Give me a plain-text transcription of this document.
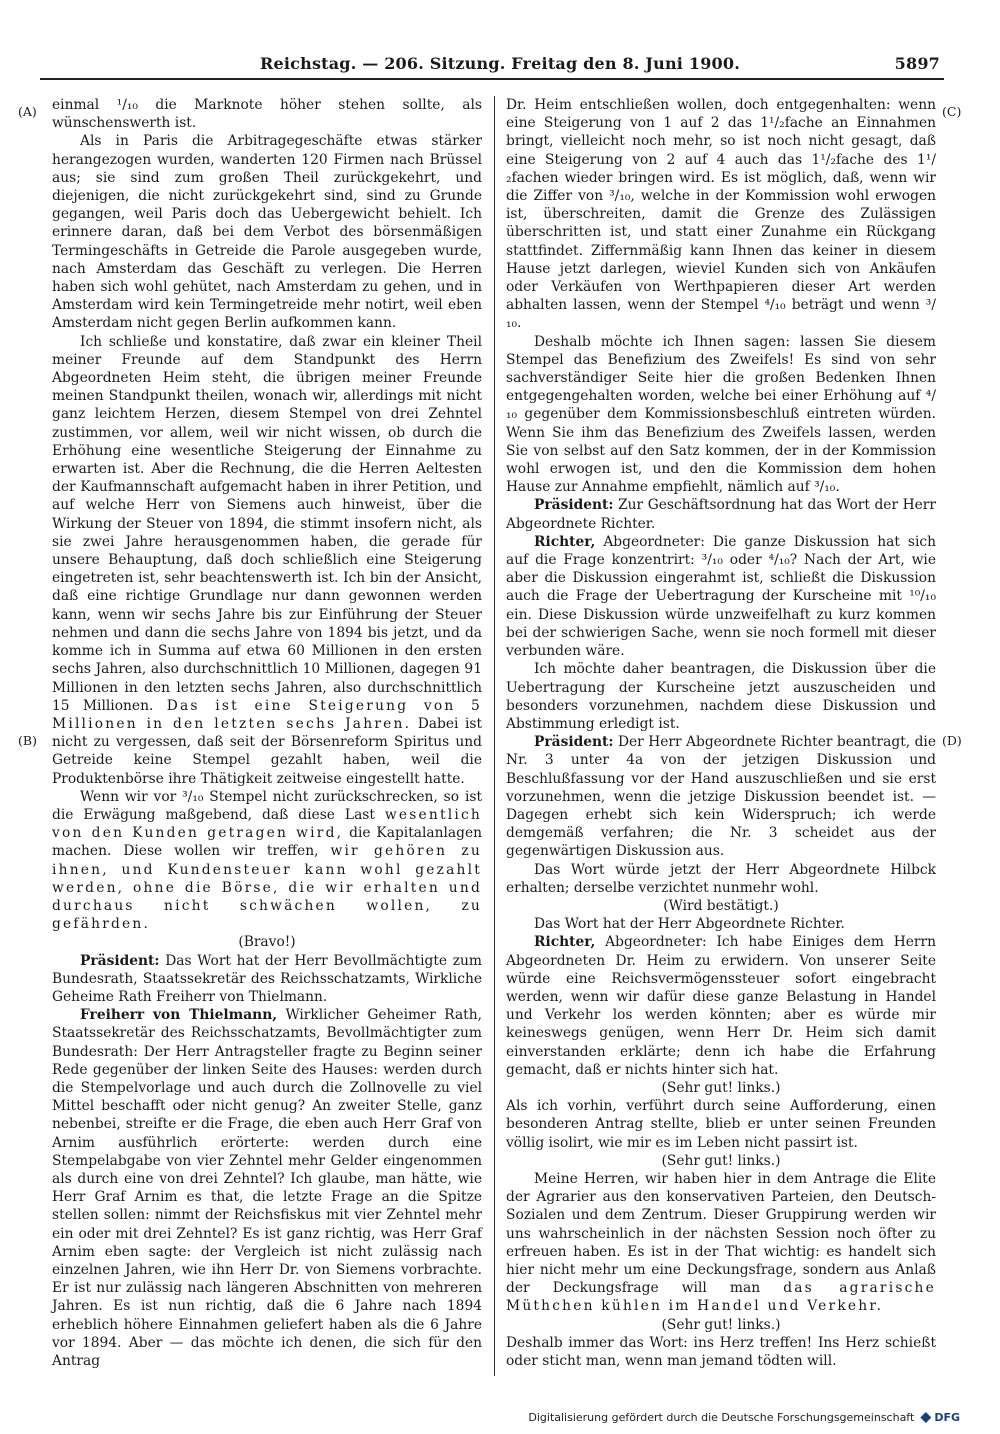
Reichstag. — 206. Sitzung. Freitag den 8. Juni 1900.	5897
(A)
(B)
(C)
(D)

einmal ¹/₁₀ die Marknote höher stehen sollte, als wünschenswerth ist.

Als in Paris die Arbitragegeschäfte etwas stärker herangezogen wurden, wanderten 120 Firmen nach Brüssel aus; sie sind zum großen Theil zurückgekehrt, und diejenigen, die nicht zurückgekehrt sind, sind zu Grunde gegangen, weil Paris doch das Uebergewicht behielt. Ich erinnere daran, daß bei dem Verbot des börsenmäßigen Termingeschäfts in Getreide die Parole ausgegeben wurde, nach Amsterdam das Geschäft zu verlegen. Die Herren haben sich wohl gehütet, nach Amsterdam zu gehen, und in Amsterdam wird kein Termingetreide mehr notirt, weil eben Amsterdam nicht gegen Berlin aufkommen kann.

Ich schließe und konstatire, daß zwar ein kleiner Theil meiner Freunde auf dem Standpunkt des Herrn Abgeordneten Heim steht, die übrigen meiner Freunde meinen Standpunkt theilen, wonach wir, allerdings mit nicht ganz leichtem Herzen, diesem Stempel von drei Zehntel zustimmen, vor allem, weil wir nicht wissen, ob durch die Erhöhung eine wesentliche Steigerung der Einnahme zu erwarten ist. Aber die Rechnung, die die Herren Aeltesten der Kaufmannschaft aufgemacht haben in ihrer Petition, und auf welche Herr von Siemens auch hinweist, über die Wirkung der Steuer von 1894, die stimmt insofern nicht, als sie zwei Jahre herausgenommen haben, die gerade für unsere Behauptung, daß doch schließlich eine Steigerung eingetreten ist, sehr beachtenswerth ist. Ich bin der Ansicht, daß eine richtige Grundlage nur dann gewonnen werden kann, wenn wir sechs Jahre bis zur Einführung der Steuer nehmen und dann die sechs Jahre von 1894 bis jetzt, und da komme ich in Summa auf etwa 60 Millionen in den ersten sechs Jahren, also durchschnittlich 10 Millionen, dagegen 91 Millionen in den letzten sechs Jahren, also durchschnittlich 15 Millionen. Das ist eine Steigerung von 5 Millionen in den letzten sechs Jahren. Dabei ist nicht zu vergessen, daß seit der Börsenreform Spiritus und Getreide keine Stempel gezahlt haben, weil die Produktenbörse ihre Thätigkeit zeitweise eingestellt hatte.

Wenn wir vor ³/₁₀ Stempel nicht zurückschrecken, so ist die Erwägung maßgebend, daß diese Last wesentlich von den Kunden getragen wird, die Kapitalanlagen machen. Diese wollen wir treffen, wir gehören zu ihnen, und Kundensteuer kann wohl gezahlt werden, ohne die Börse, die wir erhalten und durchaus nicht schwächen wollen, zu gefährden.

(Bravo!)

Präsident: Das Wort hat der Herr Bevollmächtigte zum Bundesrath, Staatssekretär des Reichsschatzamts, Wirkliche Geheime Rath Freiherr von Thielmann.

Freiherr von Thielmann, Wirklicher Geheimer Rath, Staatssekretär des Reichsschatzamts, Bevollmächtigter zum Bundesrath: Der Herr Antragsteller fragte zu Beginn seiner Rede gegenüber der linken Seite des Hauses: werden durch die Stempelvorlage und auch durch die Zollnovelle zu viel Mittel beschafft oder nicht genug? An zweiter Stelle, ganz nebenbei, streifte er die Frage, die eben auch Herr Graf von Arnim ausführlich erörterte: werden durch eine Stempelabgabe von vier Zehntel mehr Gelder eingenommen als durch eine von drei Zehntel? Ich glaube, man hätte, wie Herr Graf Arnim es that, die letzte Frage an die Spitze stellen sollen: nimmt der Reichsfiskus mit vier Zehntel mehr ein oder mit drei Zehntel? Es ist ganz richtig, was Herr Graf Arnim eben sagte: der Vergleich ist nicht zulässig nach einzelnen Jahren, wie ihn Herr Dr. von Siemens vorbrachte. Er ist nur zulässig nach längeren Abschnitten von mehreren Jahren. Es ist nun richtig, daß die 6 Jahre nach 1894 erheblich höhere Einnahmen geliefert haben als die 6 Jahre vor 1894. Aber — das möchte ich denen, die sich für den Antrag

Dr. Heim entschließen wollen, doch entgegenhalten: wenn eine Steigerung von 1 auf 2 das 1¹/₂fache an Einnahmen bringt, vielleicht noch mehr, so ist noch nicht gesagt, daß eine Steigerung von 2 auf 4 auch das 1¹/₂fache des 1¹/₂fachen wieder bringen wird. Es ist möglich, daß, wenn wir die Ziffer von ³/₁₀, welche in der Kommission wohl erwogen ist, überschreiten, damit die Grenze des Zulässigen überschritten ist, und statt einer Zunahme ein Rückgang stattfindet. Ziffernmäßig kann Ihnen das keiner in diesem Hause jetzt darlegen, wieviel Kunden sich von Ankäufen oder Verkäufen von Werthpapieren dieser Art werden abhalten lassen, wenn der Stempel ⁴/₁₀ beträgt und wenn ³/₁₀.

Deshalb möchte ich Ihnen sagen: lassen Sie diesem Stempel das Benefizium des Zweifels! Es sind von sehr sachverständiger Seite hier die großen Bedenken Ihnen entgegengehalten worden, welche bei einer Erhöhung auf ⁴/₁₀ gegenüber dem Kommissionsbeschluß eintreten würden. Wenn Sie ihm das Benefizium des Zweifels lassen, werden Sie von selbst auf den Satz kommen, der in der Kommission wohl erwogen ist, und den die Kommission dem hohen Hause zur Annahme empfiehlt, nämlich auf ³/₁₀.

Präsident: Zur Geschäftsordnung hat das Wort der Herr Abgeordnete Richter.

Richter, Abgeordneter: Die ganze Diskussion hat sich auf die Frage konzentrirt: ³/₁₀ oder ⁴/₁₀? Nach der Art, wie aber die Diskussion eingerahmt ist, schließt die Diskussion auch die Frage der Uebertragung der Kurscheine mit ¹⁰/₁₀ ein. Diese Diskussion würde unzweifelhaft zu kurz kommen bei der schwierigen Sache, wenn sie noch formell mit dieser verbunden wäre.

Ich möchte daher beantragen, die Diskussion über die Uebertragung der Kurscheine jetzt auszuscheiden und besonders vorzunehmen, nachdem diese Diskussion und Abstimmung erledigt ist.

Präsident: Der Herr Abgeordnete Richter beantragt, die Nr. 3 unter 4a von der jetzigen Diskussion und Beschlußfassung vor der Hand auszuschließen und sie erst vorzunehmen, wenn die jetzige Diskussion beendet ist. — Dagegen erhebt sich kein Widerspruch; ich werde demgemäß verfahren; die Nr. 3 scheidet aus der gegenwärtigen Diskussion aus.

Das Wort würde jetzt der Herr Abgeordnete Hilbck erhalten; derselbe verzichtet nunmehr wohl.

(Wird bestätigt.)

Das Wort hat der Herr Abgeordnete Richter.

Richter, Abgeordneter: Ich habe Einiges dem Herrn Abgeordneten Dr. Heim zu erwidern. Von unserer Seite würde eine Reichsvermögenssteuer sofort eingebracht werden, wenn wir dafür diese ganze Belastung in Handel und Verkehr los werden könnten; aber es würde mir keineswegs genügen, wenn Herr Dr. Heim sich damit einverstanden erklärte; denn ich habe die Erfahrung gemacht, daß er nichts hinter sich hat.

(Sehr gut! links.)

Als ich vorhin, verführt durch seine Aufforderung, einen besonderen Antrag stellte, blieb er unter seinen Freunden völlig isolirt, wie mir es im Leben nicht passirt ist.

(Sehr gut! links.)

Meine Herren, wir haben hier in dem Antrage die Elite der Agrarier aus den konservativen Parteien, den Deutsch-Sozialen und dem Zentrum. Dieser Gruppirung werden wir uns wahrscheinlich in der nächsten Session noch öfter zu erfreuen haben. Es ist in der That wichtig: es handelt sich hier nicht mehr um eine Deckungsfrage, sondern aus Anlaß der Deckungsfrage will man das agrarische Müthchen kühlen im Handel und Verkehr.

(Sehr gut! links.)

Deshalb immer das Wort: ins Herz treffen! Ins Herz schießt oder sticht man, wenn man jemand tödten will.

Digitalisierung gefördert durch die Deutsche Forschungsgemeinschaft DFG
